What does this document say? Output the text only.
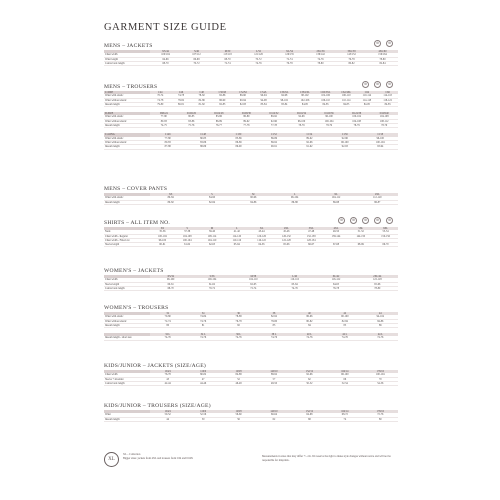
GARMENT SIZE GUIDE
MENS – JACKETS	⚙	⚙
	XS/44	S/46	M/50	L/52	XL/54	2XL/56	3XL/58	4XL/60
Chest width	100/104	107/112	115/118	121/126	129/135	136/142	143/152	156/164
Waist length	64-66	66-68	68-70	70-72	72-74	74-76	76-78	78-80
Centre back length	68-70	70-72	72-74	74-76	76-78	78-80	80-82	82-84
MENS – TROUSERS	⚙	⚙	⚙
C-SIZE	C44	C46	C48	C50/M	C52/M	C54/L	C56/XL	C58/2XL	C60/3XL	C62/4XL	C64	C66
Waist with elastic	70-74	74-78	78-82	82-86	86-90	90-94	94-98	98-102	102-106	106-110	110-114	114-118
Waist without elastic	74-78	78-82	82-86	86-90	90-94	94-98	98-102	102-106	106-110	110-114	114-118	118-122
Inseam length	79-80	80-81	81-82	82-83	82-83	83-84	83-84	84-85	84-85	84-85	84-85	84-85
D-SIZE	D96/24	D100/26	D104/28	D108/30	D112/32	D116/34	D120/36	D124/38	D128/40
Waist with elastic	77-80	80-83	83-86	86-89	89-92	92-96	96-100	100-104	104-108
Waist without elastic	80-83	83-86	86-89	89-92	92-96	96-100	100-104	104-108	108-112
Inseam length	74-75	75-76	76-77	77-78	77-78	78-79	78-79	78-79	78-79
C-LONG	C146	C148	C150	C152	C154	C156	C158
Waist with elastic	77-80	80-83	83-86	86-89	89-92	92-96	96-100
Waist without elastic	80-83	83-86	86-89	89-92	92-96	96-100	100-104
Inseam length	87-88	88-89	89-90	90-91	91-92	92-93	93-94
MENS – COVER PANTS
	XS	S	M	L	XL	2XL
Waist with elastic	80-84	84-90	90-96	96-104	104-112	112-120
Inseam length	80-82	82-84	84-86	86-88	86-88	86-87
SHIRTS – ALL ITEM NO.	⚙	⚙	⚙	⚙	⚙
	XS	S	M	L	XL	2XL	3XL	4XL	5XL	6XL
Neck	35-36	37-38	39-40	41-42	43-44	45-46	47-48	49-50	51-52	53-54
Chest width - Regular	100-104	104-108	108-114	114-120	120-126	126-132	132-138	138-144	144-150	150-156
Chest width - Fitted cut	96-100	100-104	104-110	110-116	116-122	122-128	128-134			
Sleeve length	60-61	61-62	62-63	63-64	64-65	65-66	66-67	67-68	68-69	69-70
WOMEN'S – JACKETS
	XS/34	S/36	M/38	L/40	XL/42	2XL/44
Chest width	96-100	100-104	104-110	110-116	116-122	122-128
Sleeve length	60-61	61-62	62-63	63-64	64-65	65-66
Centre back length	68-70	70-72	72-74	74-76	76-78	78-80
WOMEN'S – TROUSERS
	32	34	36	38	40	42	44
Waist with elastic	70-80	74-84	78-88	82-92	86-96	90-100	94-104
Waist without elastic	72-74	74-76	76-78	78-80	80-82	82-84	84-86
Inseam length	80	81	82	83	84	85	86
	32 L	34 L	36 L	38 L	40 L	42 L	44 L
Inseam length - short size	74-76	74-76	74-76	74-76	74-76	74-76	74-76
KIDS/JUNIOR – JACKETS (SIZE/AGE)
	104/4	116/6	128/8	140/10	152/12	164/14	176/16
Chest width	76-78	80-82	84-88	88-92	92-96	96-100	100-104
Sleeve + shoulder	43	47	52	57	62	66	70
Centre back length	42-44	44-46	46-48	48-50	50-52	52-54	54-56
KIDS/JUNIOR – TROUSERS (SIZE/AGE)
	104/4	116/6	128/8	140/10	152/12	164/14	176/16
Waist	50-52	52-56	56-60	60-64	64-68	68-72	72-76
Inseam length	44	50	56	62	68	74	80
XL
XL – Collection
Bigger sizes: jackets from 4XL and trousers from C64 and D128.
Measurements in sizes that may differ +/- cm. We reserve the right to make style changes without notice and will not be responsible for misprints.
